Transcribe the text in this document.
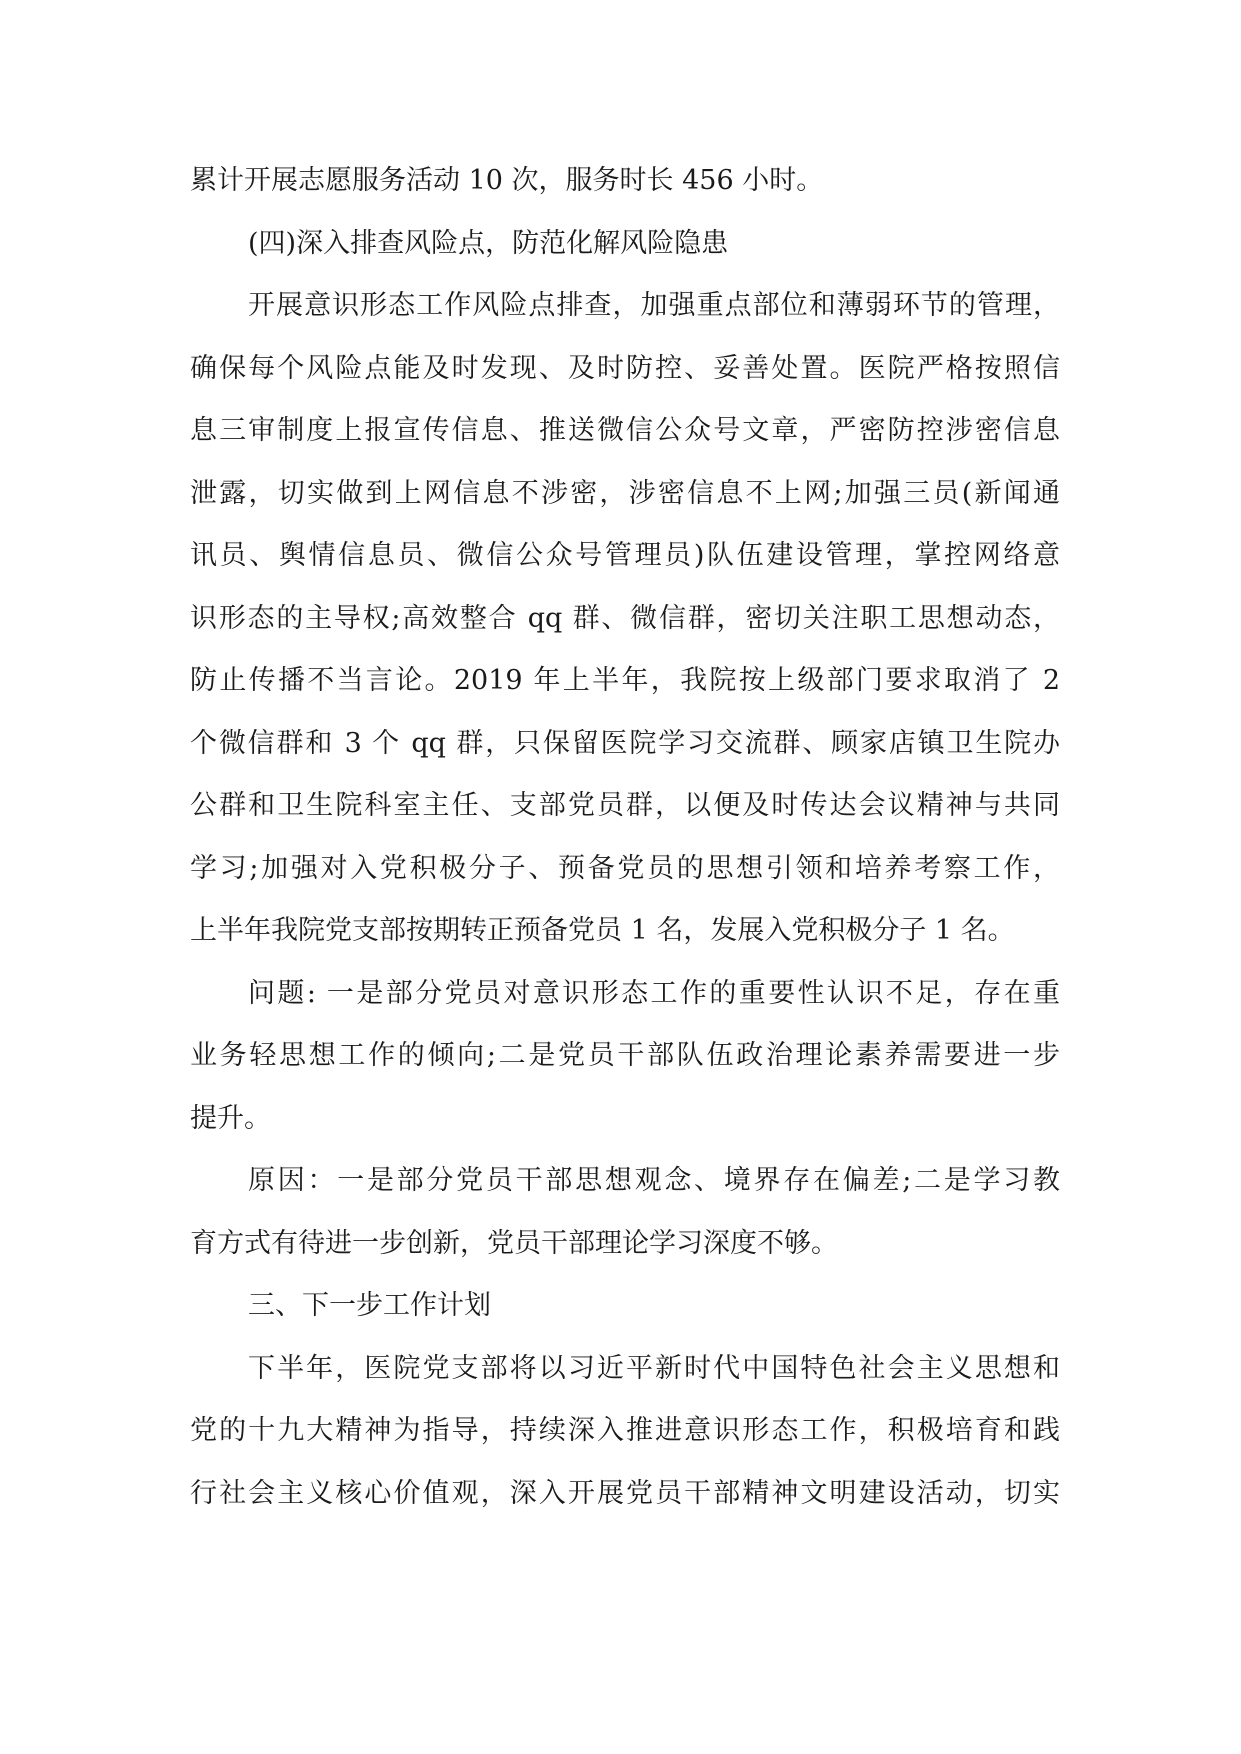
累计开展志愿服务活动 10 次，服务时长 456 小时。
(四)深入排查风险点，防范化解风险隐患
开展意识形态工作风险点排查，加强重点部位和薄弱环节的管理，
确保每个风险点能及时发现、及时防控、妥善处置。医院严格按照信
息三审制度上报宣传信息、推送微信公众号文章，严密防控涉密信息
泄露，切实做到上网信息不涉密，涉密信息不上网;加强三员(新闻通
讯员、舆情信息员、微信公众号管理员)队伍建设管理，掌控网络意
识形态的主导权;高效整合 qq 群、微信群，密切关注职工思想动态，
防止传播不当言论。2019 年上半年，我院按上级部门要求取消了 2
个微信群和 3 个 qq 群，只保留医院学习交流群、顾家店镇卫生院办
公群和卫生院科室主任、支部党员群，以便及时传达会议精神与共同
学习;加强对入党积极分子、预备党员的思想引领和培养考察工作，
上半年我院党支部按期转正预备党员 1 名，发展入党积极分子 1 名。
问题: 一是部分党员对意识形态工作的重要性认识不足，存在重
业务轻思想工作的倾向;二是党员干部队伍政治理论素养需要进一步
提升。
原因：一是部分党员干部思想观念、境界存在偏差;二是学习教
育方式有待进一步创新，党员干部理论学习深度不够。
三、下一步工作计划
下半年，医院党支部将以习近平新时代中国特色社会主义思想和
党的十九大精神为指导，持续深入推进意识形态工作，积极培育和践
行社会主义核心价值观，深入开展党员干部精神文明建设活动，切实
